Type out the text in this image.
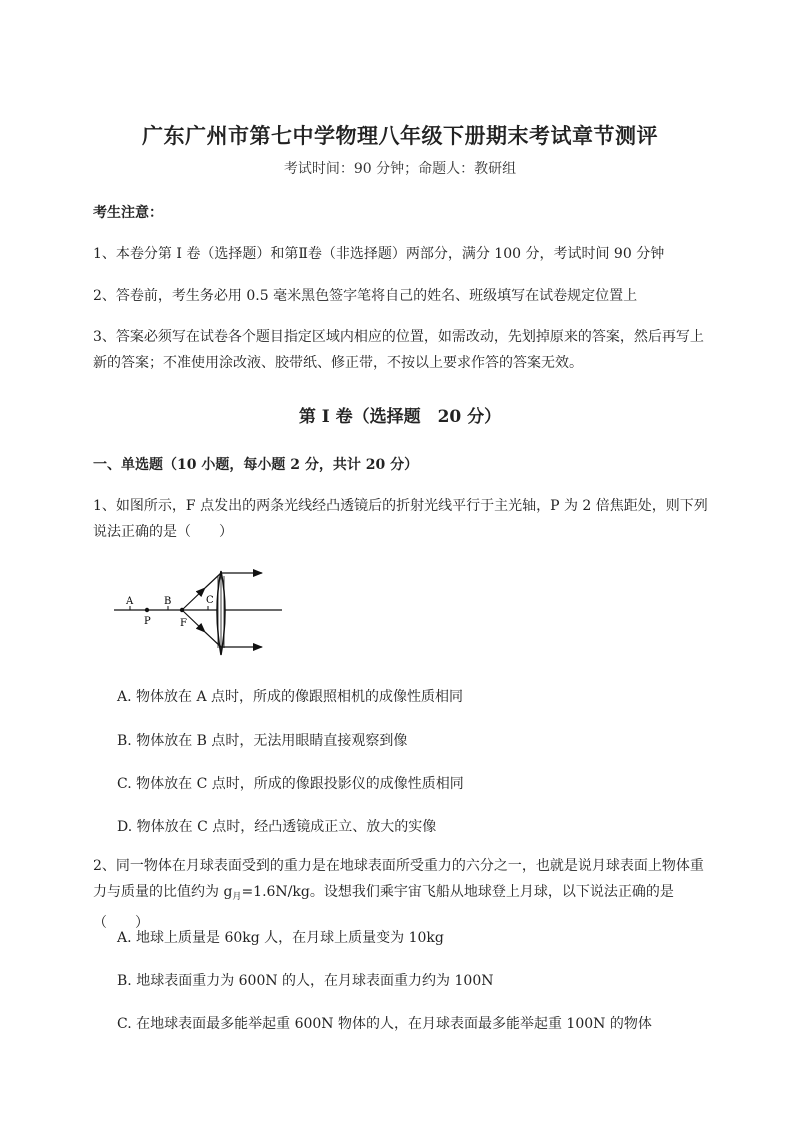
广东广州市第七中学物理八年级下册期末考试章节测评
考试时间：90 分钟；命题人：教研组
考生注意：
1、本卷分第 I 卷（选择题）和第Ⅱ卷（非选择题）两部分，满分 100 分，考试时间 90 分钟
2、答卷前，考生务必用 0.5 毫米黑色签字笔将自己的姓名、班级填写在试卷规定位置上
3、答案必须写在试卷各个题目指定区域内相应的位置，如需改动，先划掉原来的答案，然后再写上新的答案；不准使用涂改液、胶带纸、修正带，不按以上要求作答的答案无效。
第 I 卷（选择题　20 分）
一、单选题（10 小题，每小题 2 分，共计 20 分）
1、如图所示，F 点发出的两条光线经凸透镜后的折射光线平行于主光轴，P 为 2 倍焦距处，则下列说法正确的是（　　）
A
P
B
F
C
A. 物体放在 A 点时，所成的像跟照相机的成像性质相同
B. 物体放在 B 点时，无法用眼睛直接观察到像
C. 物体放在 C 点时，所成的像跟投影仪的成像性质相同
D. 物体放在 C 点时，经凸透镜成正立、放大的实像
2、同一物体在月球表面受到的重力是在地球表面所受重力的六分之一，也就是说月球表面上物体重力与质量的比值约为 $g_月=1.6N/kg$。设想我们乘宇宙飞船从地球登上月球，以下说法正确的是（　　）
A. 地球上质量是 60kg 人，在月球上质量变为 10kg
B. 地球表面重力为 600N 的人，在月球表面重力约为 100N
C. 在地球表面最多能举起重 600N 物体的人，在月球表面最多能举起重 100N 的物体
